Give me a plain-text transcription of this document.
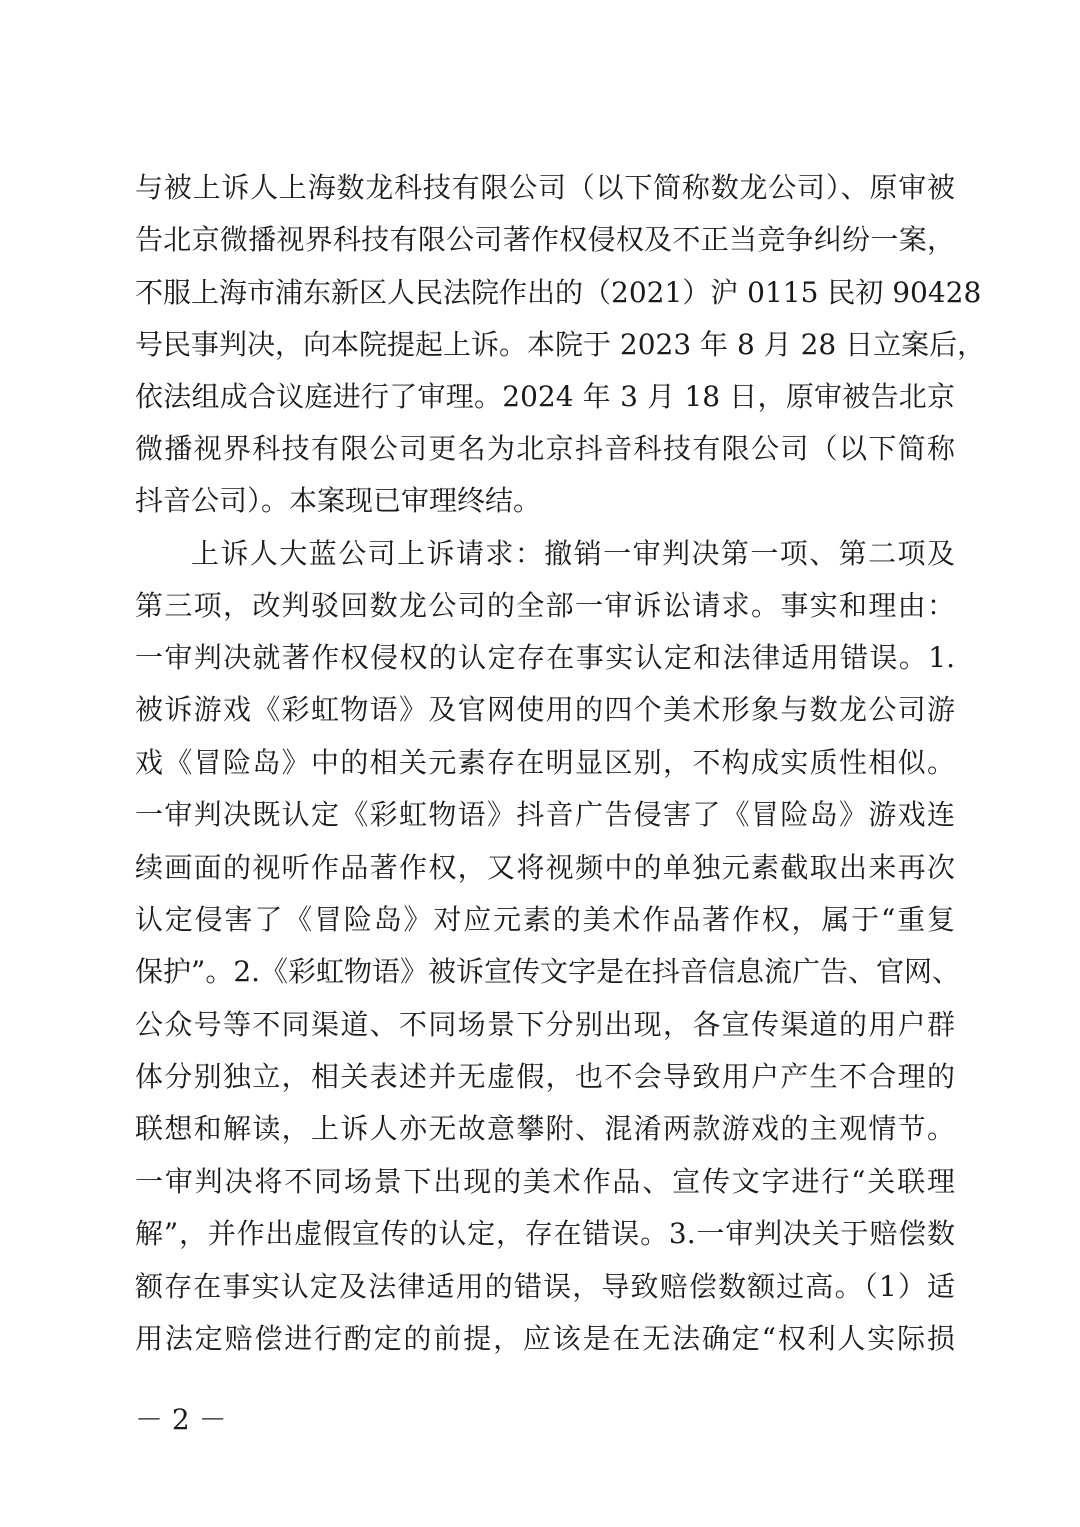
与被上诉人上海数龙科技有限公司（以下简称数龙公司）、原审被
告北京微播视界科技有限公司著作权侵权及不正当竞争纠纷一案，
不服上海市浦东新区人民法院作出的（2021）沪 0115 民初 90428
号民事判决，向本院提起上诉。本院于 2023 年 8 月 28 日立案后，
依法组成合议庭进行了审理。2024 年 3 月 18 日，原审被告北京
微播视界科技有限公司更名为北京抖音科技有限公司（以下简称
抖音公司）。本案现已审理终结。
上诉人大蓝公司上诉请求：撤销一审判决第一项、第二项及
第三项，改判驳回数龙公司的全部一审诉讼请求。事实和理由：
一审判决就著作权侵权的认定存在事实认定和法律适用错误。1.
被诉游戏《彩虹物语》及官网使用的四个美术形象与数龙公司游
戏《冒险岛》中的相关元素存在明显区别，不构成实质性相似。
一审判决既认定《彩虹物语》抖音广告侵害了《冒险岛》游戏连
续画面的视听作品著作权，又将视频中的单独元素截取出来再次
认定侵害了《冒险岛》对应元素的美术作品著作权，属于“重复
保护”。2.《彩虹物语》被诉宣传文字是在抖音信息流广告、官网、
公众号等不同渠道、不同场景下分别出现，各宣传渠道的用户群
体分别独立，相关表述并无虚假，也不会导致用户产生不合理的
联想和解读，上诉人亦无故意攀附、混淆两款游戏的主观情节。
一审判决将不同场景下出现的美术作品、宣传文字进行“关联理
解”，并作出虚假宣传的认定，存在错误。3.一审判决关于赔偿数
额存在事实认定及法律适用的错误，导致赔偿数额过高。（1）适
用法定赔偿进行酌定的前提，应该是在无法确定“权利人实际损
－ 2 －
